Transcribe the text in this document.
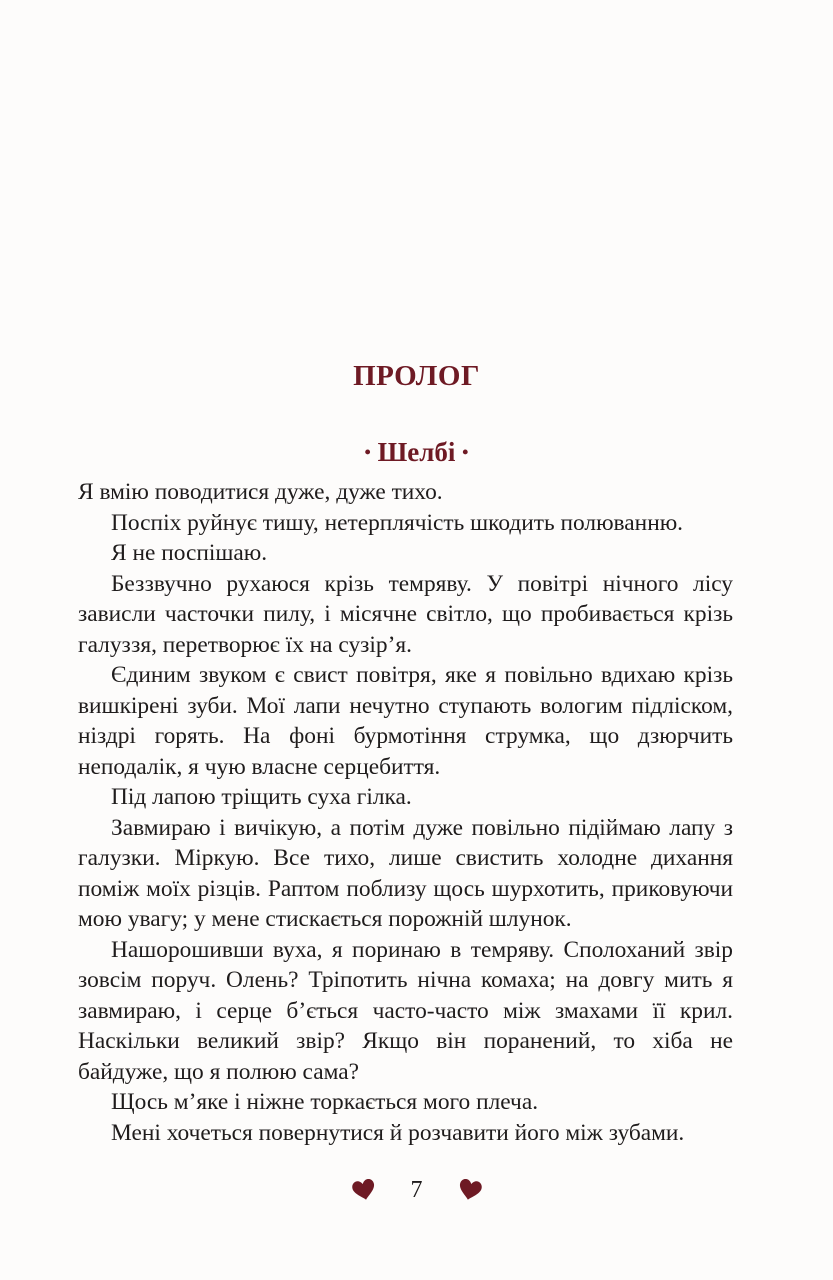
ПРОЛОГ
• Шелбі •

Я вмію поводитися дуже, дуже тихо.

Поспіх руйнує тишу, нетерплячість шкодить полюванню.

Я не поспішаю.

Беззвучно рухаюся крізь темряву. У повітрі нічного лісу зависли часточки пилу, і місячне світло, що пробивається крізь галуззя, перетворює їх на сузір’я.

Єдиним звуком є свист повітря, яке я повільно вдихаю крізь вишкірені зуби. Мої лапи нечутно ступають вологим підліском, ніздрі горять. На фоні бурмотіння струмка, що дзюрчить неподалік, я чую власне серцебиття.

Під лапою тріщить суха гілка.

Завмираю і вичікую, а потім дуже повільно підіймаю лапу з галузки. Міркую. Все тихо, лише свистить холодне дихання поміж моїх різців. Раптом поблизу щось шурхотить, приковуючи мою увагу; у мене стискається порожній шлунок.

Нашорошивши вуха, я поринаю в темряву. Сполоханий звір зовсім поруч. Олень? Тріпотить нічна комаха; на довгу мить я завмираю, і серце б’ється часто-часто між змахами її крил. Наскільки великий звір? Якщо він поранений, то хіба не байдуже, що я полюю сама?

Щось м’яке і ніжне торкається мого плеча.

Мені хочеться повернутися й розчавити його між зубами.

7
